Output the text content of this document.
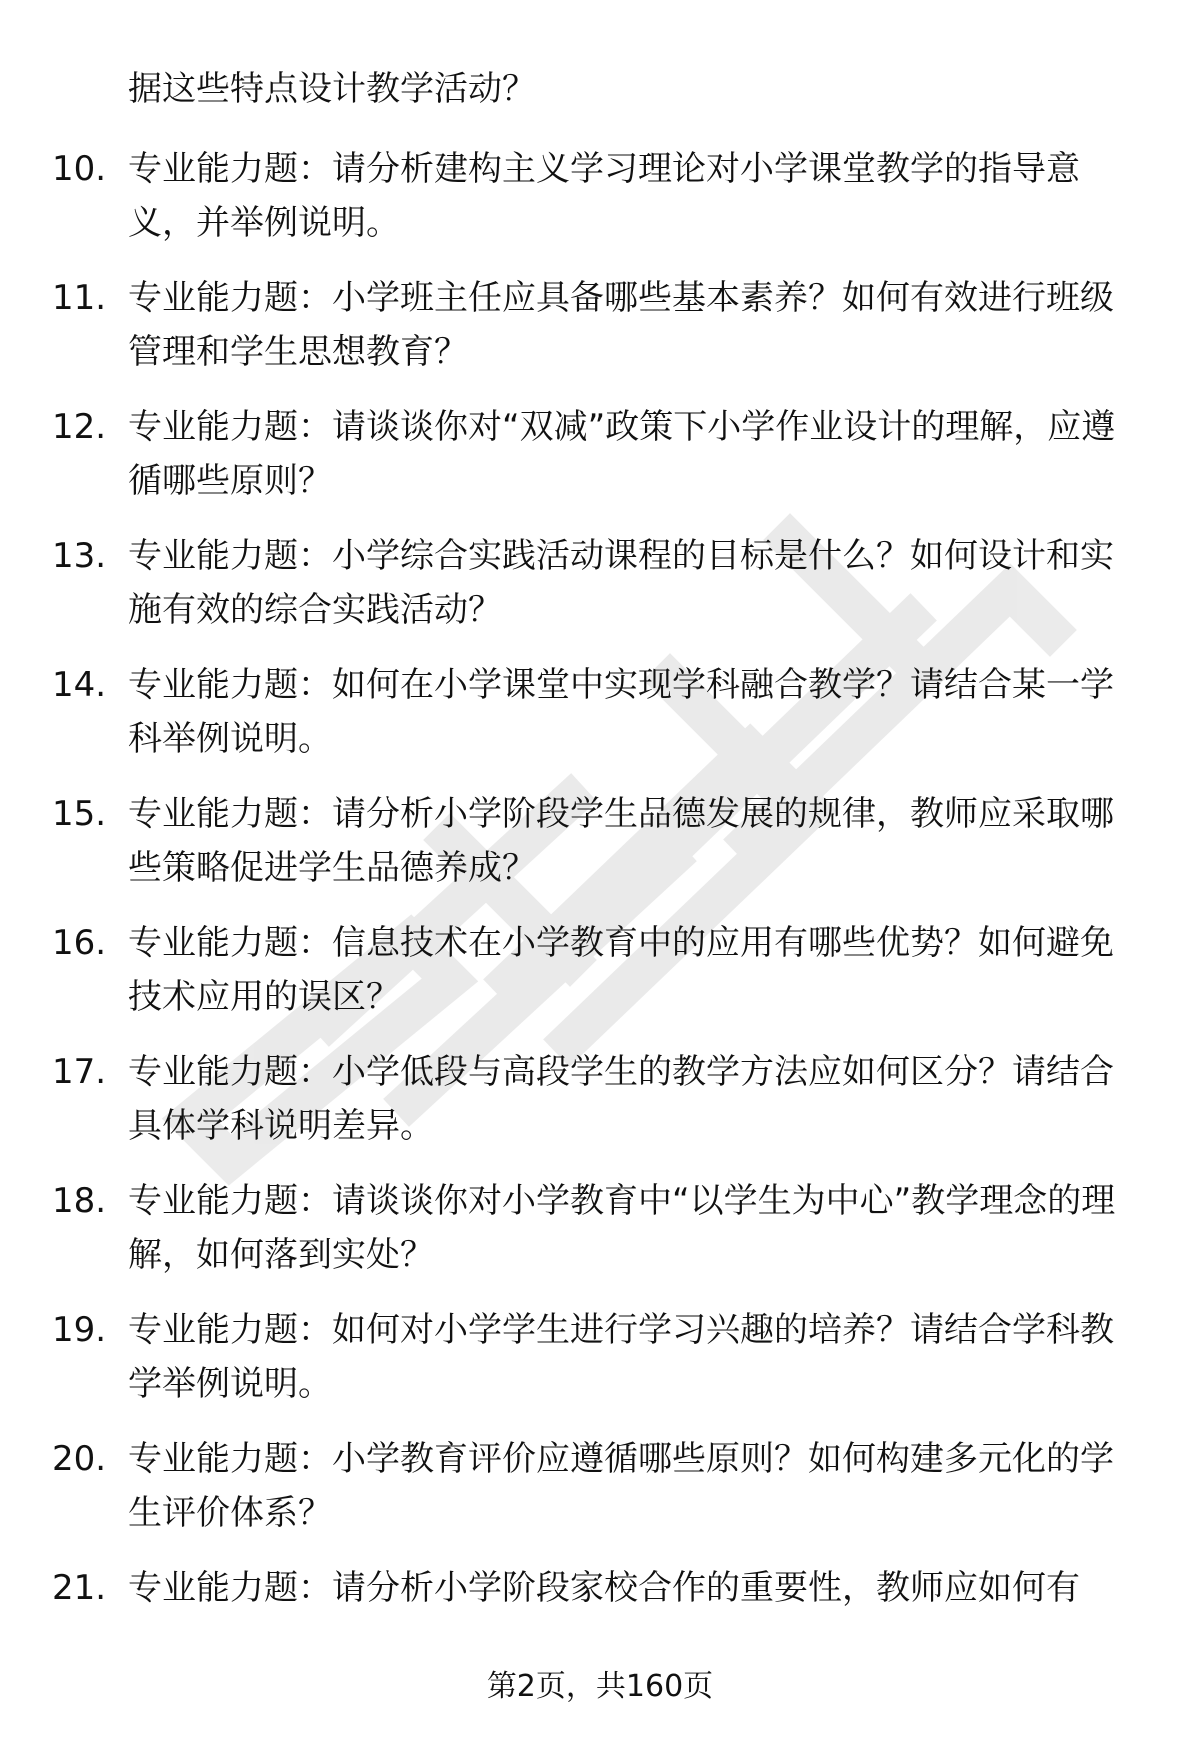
据这些特点设计教学活动？
10. 专业能力题：请分析建构主义学习理论对小学课堂教学的指导意义，并举例说明。
11. 专业能力题：小学班主任应具备哪些基本素养？如何有效进行班级管理和学生思想教育？
12. 专业能力题：请谈谈你对“双减”政策下小学作业设计的理解，应遵循哪些原则？
13. 专业能力题：小学综合实践活动课程的目标是什么？如何设计和实施有效的综合实践活动？
14. 专业能力题：如何在小学课堂中实现学科融合教学？请结合某一学科举例说明。
15. 专业能力题：请分析小学阶段学生品德发展的规律，教师应采取哪些策略促进学生品德养成？
16. 专业能力题：信息技术在小学教育中的应用有哪些优势？如何避免技术应用的误区？
17. 专业能力题：小学低段与高段学生的教学方法应如何区分？请结合具体学科说明差异。
18. 专业能力题：请谈谈你对小学教育中“以学生为中心”教学理念的理解，如何落到实处？
19. 专业能力题：如何对小学学生进行学习兴趣的培养？请结合学科教学举例说明。
20. 专业能力题：小学教育评价应遵循哪些原则？如何构建多元化的学生评价体系？
21. 专业能力题：请分析小学阶段家校合作的重要性，教师应如何有
第2页，共160页
